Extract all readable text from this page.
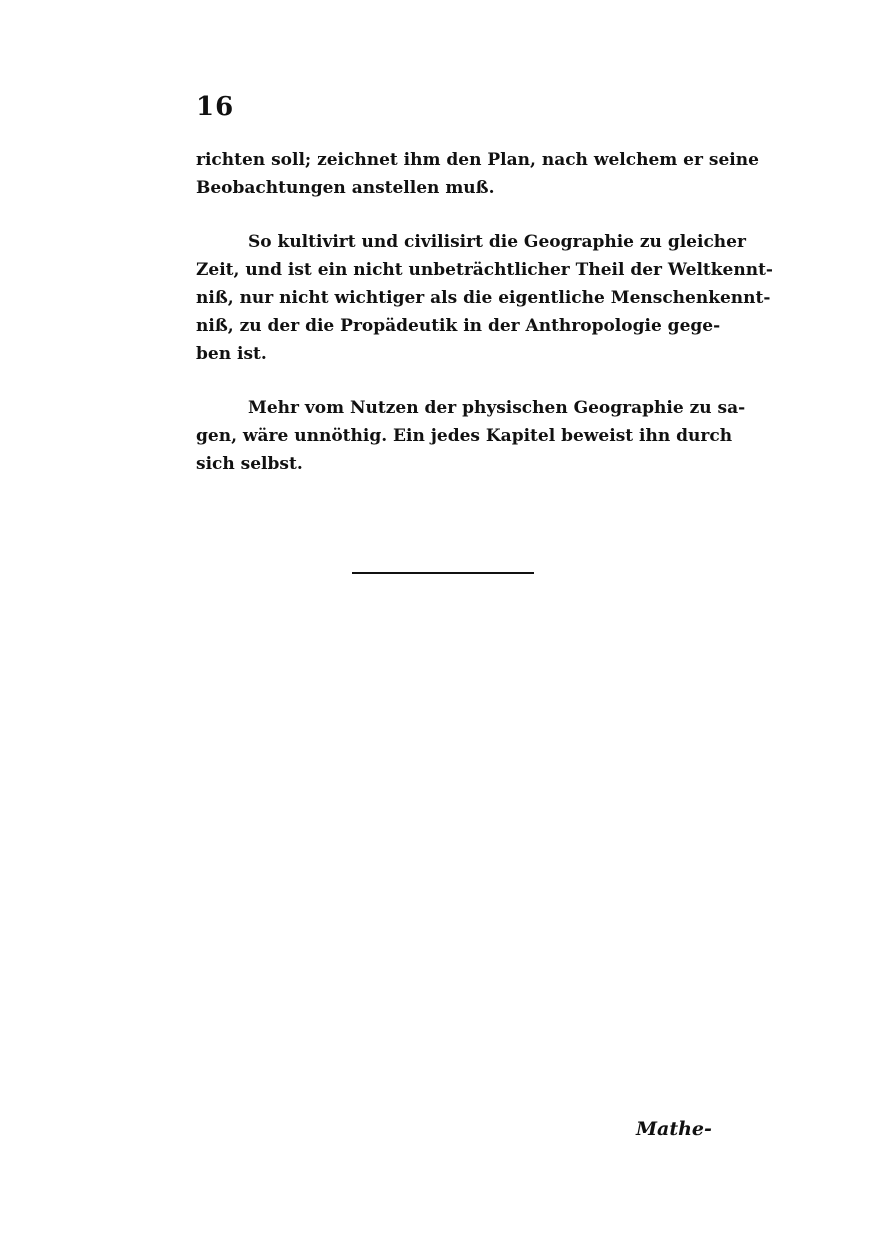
16
richten soll; zeichnet ihm den Plan, nach welchem er seine
Beobachtungen anstellen muß.
So kultivirt und civilisirt die Geographie zu gleicher
Zeit, und ist ein nicht unbeträchtlicher Theil der Weltkennt-
niß, nur nicht wichtiger als die eigentliche Menschenkennt-
niß, zu der die Propädeutik in der Anthropologie gege-
ben ist.
Mehr vom Nutzen der physischen Geographie zu sa-
gen, wäre unnöthig. Ein jedes Kapitel beweist ihn durch
sich selbst.
Mathe-
